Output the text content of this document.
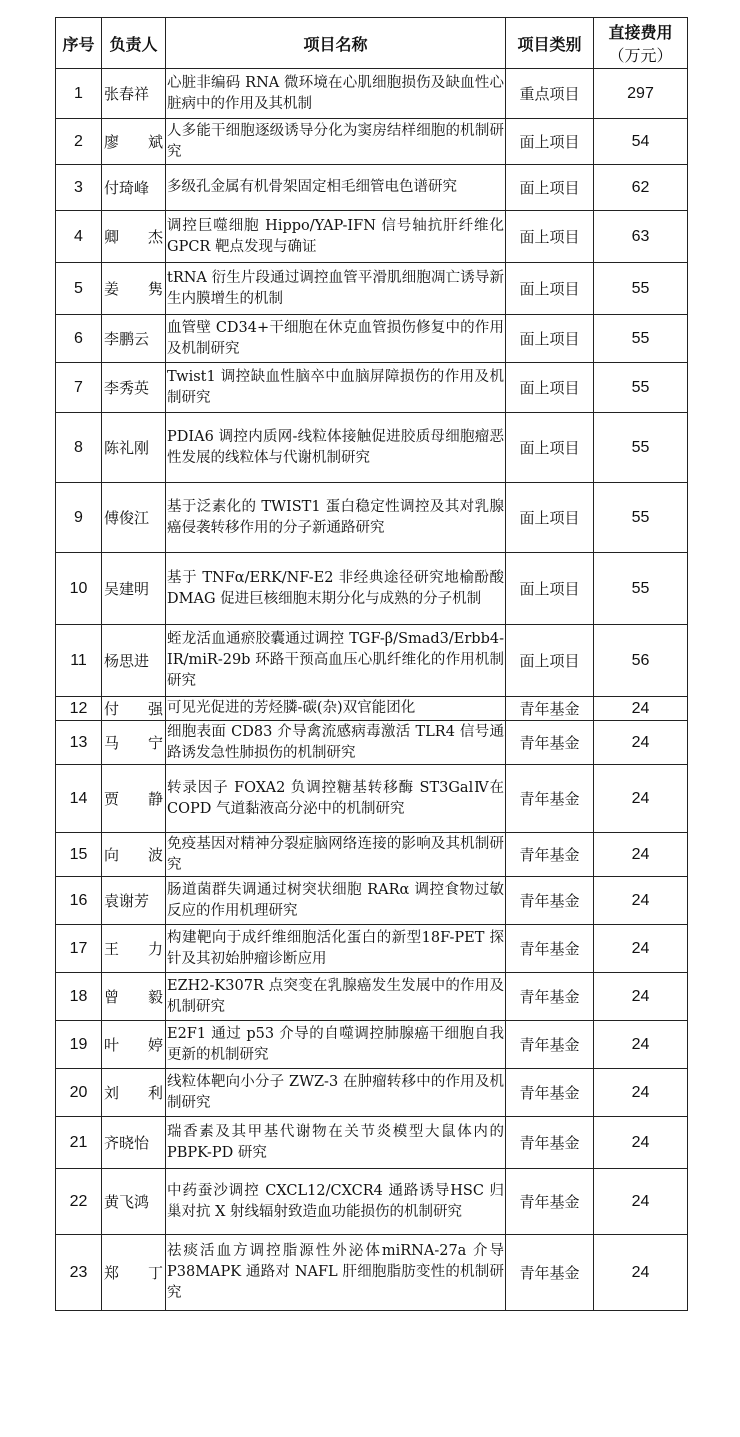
序号	负责人	项目名称	项目类别	直接费用
（万元）

1	张春祥	心脏非编码 RNA 微环境在心肌细胞损伤及缺血性心脏病中的作用及其机制	重点项目	297
2	廖　斌	人多能干细胞逐级诱导分化为窦房结样细胞的机制研究	面上项目	54
3	付琦峰	多级孔金属有机骨架固定相毛细管电色谱研究	面上项目	62
4	卿　杰	调控巨噬细胞 Hippo/YAP-IFN 信号轴抗肝纤维化 GPCR 靶点发现与确证	面上项目	63
5	姜　隽	tRNA 衍生片段通过调控血管平滑肌细胞凋亡诱导新生内膜增生的机制	面上项目	55
6	李鹏云	血管壁 CD34+干细胞在休克血管损伤修复中的作用及机制研究	面上项目	55
7	李秀英	Twist1 调控缺血性脑卒中血脑屏障损伤的作用及机制研究	面上项目	55
8	陈礼刚	PDIA6 调控内质网-线粒体接触促进胶质母细胞瘤恶性发展的线粒体与代谢机制研究	面上项目	55
9	傅俊江	基于泛素化的 TWIST1 蛋白稳定性调控及其对乳腺癌侵袭转移作用的分子新通路研究	面上项目	55
10	吴建明	基于 TNFα/ERK/NF-E2 非经典途径研究地榆酚酸 DMAG 促进巨核细胞末期分化与成熟的分子机制	面上项目	55
11	杨思进	蛭龙活血通瘀胶囊通过调控 TGF-β/Smad3/Erbb4-IR/miR-29b 环路干预高血压心肌纤维化的作用机制研究	面上项目	56
12	付　强	可见光促进的芳烃膦-碳(杂)双官能团化	青年基金	24
13	马　宁	细胞表面 CD83 介导禽流感病毒激活 TLR4 信号通路诱发急性肺损伤的机制研究	青年基金	24
14	贾　静	转录因子 FOXA2 负调控糖基转移酶 ST3GalⅣ在 COPD 气道黏液高分泌中的机制研究	青年基金	24
15	向　波	免疫基因对精神分裂症脑网络连接的影响及其机制研究	青年基金	24
16	袁谢芳	肠道菌群失调通过树突状细胞 RARα 调控食物过敏反应的作用机理研究	青年基金	24
17	王　力	构建靶向于成纤维细胞活化蛋白的新型18F-PET 探针及其初始肿瘤诊断应用	青年基金	24
18	曾　毅	EZH2-K307R 点突变在乳腺癌发生发展中的作用及机制研究	青年基金	24
19	叶　婷	E2F1 通过 p53 介导的自噬调控肺腺癌干细胞自我更新的机制研究	青年基金	24
20	刘　利	线粒体靶向小分子 ZWZ-3 在肿瘤转移中的作用及机制研究	青年基金	24
21	齐晓怡	瑞香素及其甲基代谢物在关节炎模型大鼠体内的 PBPK-PD 研究	青年基金	24
22	黄飞鸿	中药蚕沙调控 CXCL12/CXCR4 通路诱导HSC 归巢对抗 X 射线辐射致造血功能损伤的机制研究	青年基金	24
23	郑　丁	祛痰活血方调控脂源性外泌体miRNA-27a 介导 P38MAPK 通路对 NAFL 肝细胞脂肪变性的机制研究	青年基金	24
